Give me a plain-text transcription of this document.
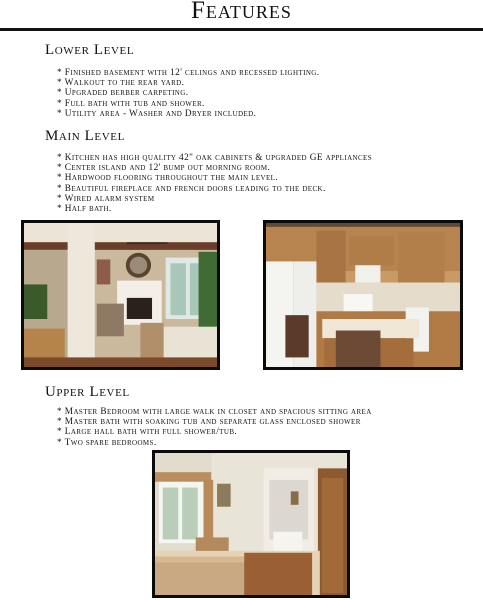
Features
Lower Level
* Finished basement with 12' celings and recessed lighting.
* Walkout to the rear yard.
* Upgraded berber carpeting.
* Full bath with tub and shower.
* Utility area - Washer and Dryer included.
Main Level
* Kitchen has high quality 42" oak cabinets & upgraded GE appliances
* Center island and 12' bump out morning room.
* Hardwood flooring throughout the main level.
* Beautiful fireplace and french doors leading to the deck.
* Wired alarm system
* Half bath.
Upper Level
* Master Bedroom with large walk in closet and spacious sitting area
* Master bath with soaking tub and separate glass enclosed shower
* Large hall bath with full shower/tub.
* Two spare bedrooms.
